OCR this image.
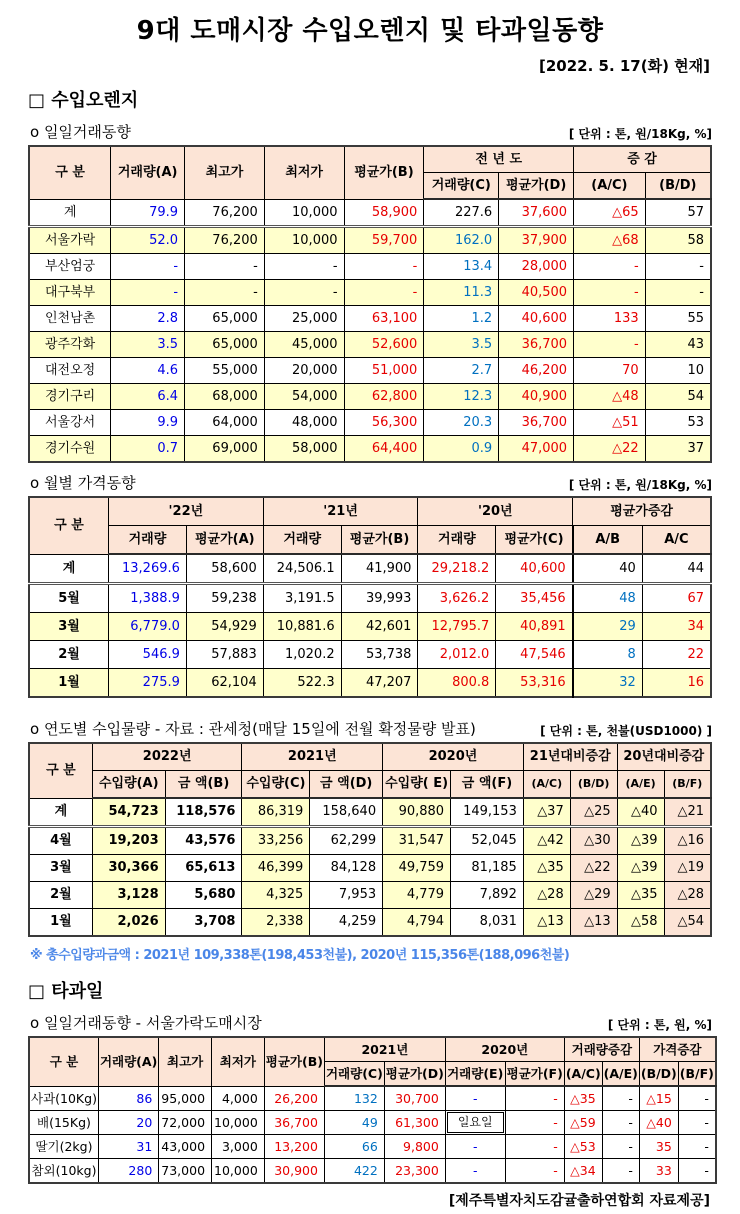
9대 도매시장 수입오렌지 및 타과일동향
[2022. 5. 17(화) 현재]
□ 수입오렌지
o 일일거래동향	[ 단위 : 톤, 원/18Kg, %]
구 분	거래량(A)	최고가	최저가	평균가(B)	전 년 도		증 감	
					거래량(C)	평균가(D)	(A/C)	(B/D)
계	79.9	76,200	10,000	58,900	227.6	37,600	△65	57
서울가락	52.0	76,200	10,000	59,700	162.0	37,900	△68	58
부산엄궁	-	-	-	-	13.4	28,000	-	-
대구북부	-	-	-	-	11.3	40,500	-	-
인천남촌	2.8	65,000	25,000	63,100	1.2	40,600	133	55
광주각화	3.5	65,000	45,000	52,600	3.5	36,700	-	43
대전오정	4.6	55,000	20,000	51,000	2.7	46,200	70	10
경기구리	6.4	68,000	54,000	62,800	12.3	40,900	△48	54
서울강서	9.9	64,000	48,000	56,300	20.3	36,700	△51	53
경기수원	0.7	69,000	58,000	64,400	0.9	47,000	△22	37
o 월별 가격동향	[ 단위 : 톤, 원/18Kg, %]
구 분	'22년		'21년		'20년		평균가증감	
	거래량	평균가(A)	거래량	평균가(B)	거래량	평균가(C)	A/B	A/C
계	13,269.6	58,600	24,506.1	41,900	29,218.2	40,600	40	44
5월	1,388.9	59,238	3,191.5	39,993	3,626.2	35,456	48	67
3월	6,779.0	54,929	10,881.6	42,601	12,795.7	40,891	29	34
2월	546.9	57,883	1,020.2	53,738	2,012.0	47,546	8	22
1월	275.9	62,104	522.3	47,207	800.8	53,316	32	16
o 연도별 수입물량 - 자료 : 관세청(매달 15일에 전월 확정물량 발표)	[ 단위 : 톤, 천불(USD1000) ]
구 분	2022년		2021년		2020년		21년대비증감		20년대비증감	
	수입량(A)	금 액(B)	수입량(C)	금 액(D)	수입량( E)	금 액(F)	(A/C)	(B/D)	(A/E)	(B/F)
계	54,723	118,576	86,319	158,640	90,880	149,153	△37	△25	△40	△21
4월	19,203	43,576	33,256	62,299	31,547	52,045	△42	△30	△39	△16
3월	30,366	65,613	46,399	84,128	49,759	81,185	△35	△22	△39	△19
2월	3,128	5,680	4,325	7,953	4,779	7,892	△28	△29	△35	△28
1월	2,026	3,708	2,338	4,259	4,794	8,031	△13	△13	△58	△54
※ 총수입량과금액 : 2021년 109,338톤(198,453천불), 2020년 115,356톤(188,096천불)
□ 타과일
o 일일거래동향 - 서울가락도매시장	[ 단위 : 톤, 원, %]
구 분	거래량(A)	최고가	최저가	평균가(B)	2021년		2020년		거래량증감		가격증감	
					거래량(C)	평균가(D)	거래량(E)	평균가(F)	(A/C)	(A/E)	(B/D)	(B/F)
사과(10Kg)	86	95,000	4,000	26,200	132	30,700	-	-	△35	-	△15	-
배(15Kg)	20	72,000	10,000	36,700	49	61,300	일요일	-	△59	-	△40	-
딸기(2kg)	31	43,000	3,000	13,200	66	9,800	-	-	△53	-	35	-
참외(10kg)	280	73,000	10,000	30,900	422	23,300	-	-	△34	-	33	-
[제주특별자치도감귤출하연합회 자료제공]
